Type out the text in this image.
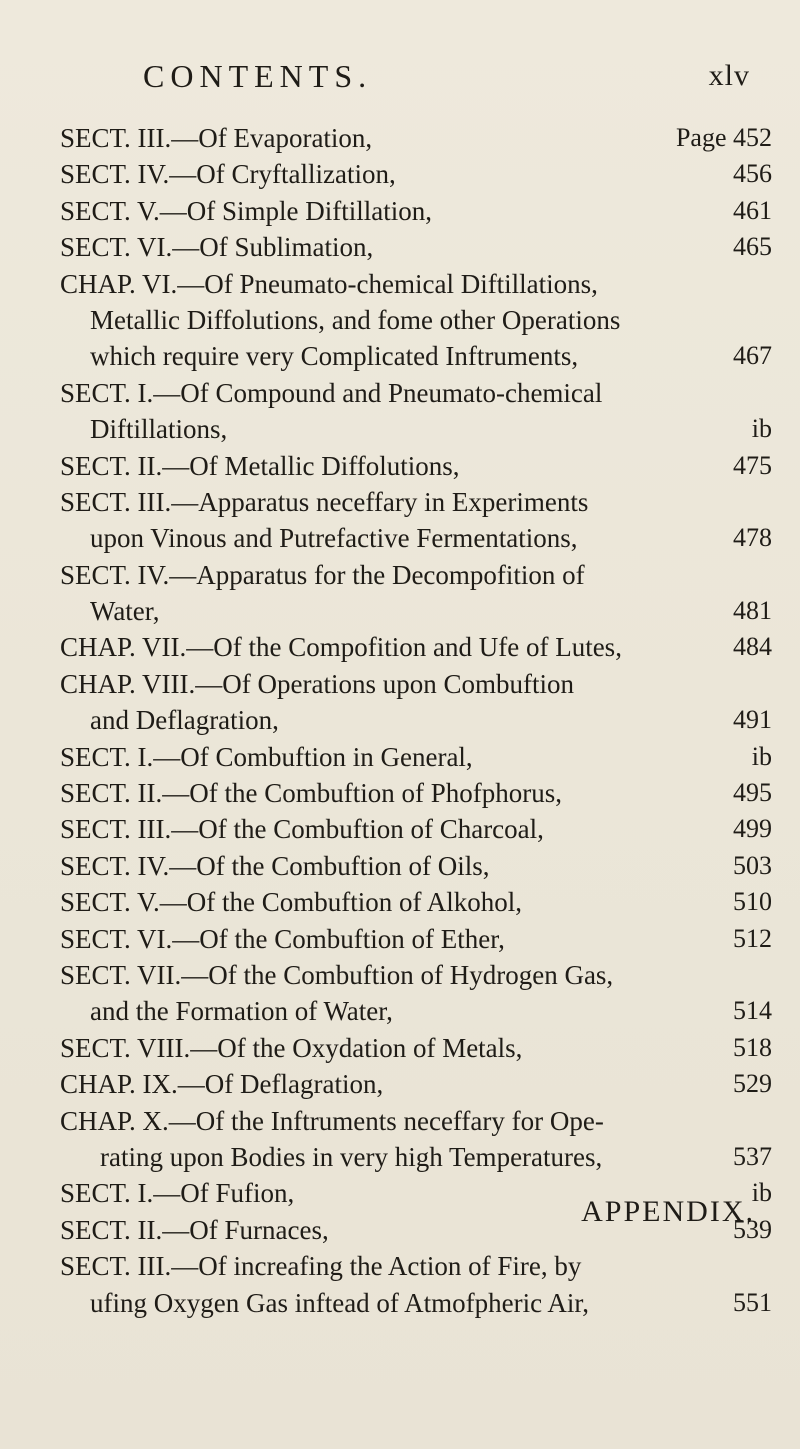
CONTENTS.	xlv
SECT. III.—Of Evaporation,	Page 452
SECT. IV.—Of Cryftallization,	456
SECT. V.—Of Simple Diftillation,	461
SECT. VI.—Of Sublimation,	465
CHAP. VI.—Of Pneumato-chemical Diftillations,
Metallic Diffolutions, and fome other Operations
which require very Complicated Inftruments,	467
SECT. I.—Of Compound and Pneumato-chemical
Diftillations,	ib
SECT. II.—Of Metallic Diffolutions,	475
SECT. III.—Apparatus neceffary in Experiments
upon Vinous and Putrefactive Fermentations,	478
SECT. IV.—Apparatus for the Decompofition of
Water,	481
CHAP. VII.—Of the Compofition and Ufe of Lutes,	484
CHAP. VIII.—Of Operations upon Combuftion
and Deflagration,	491
SECT. I.—Of Combuftion in General,	ib
SECT. II.—Of the Combuftion of Phofphorus,	495
SECT. III.—Of the Combuftion of Charcoal,	499
SECT. IV.—Of the Combuftion of Oils,	503
SECT. V.—Of the Combuftion of Alkohol,	510
SECT. VI.—Of the Combuftion of Ether,	512
SECT. VII.—Of the Combuftion of Hydrogen Gas,
and the Formation of Water,	514
SECT. VIII.—Of the Oxydation of Metals,	518
CHAP. IX.—Of Deflagration,	529
CHAP. X.—Of the Inftruments neceffary for Ope-
rating upon Bodies in very high Temperatures,	537
SECT. I.—Of Fufion,	ib
SECT. II.—Of Furnaces,	539
SECT. III.—Of increafing the Action of Fire, by
ufing Oxygen Gas inftead of Atmofpheric Air,	551
APPENDIX.
